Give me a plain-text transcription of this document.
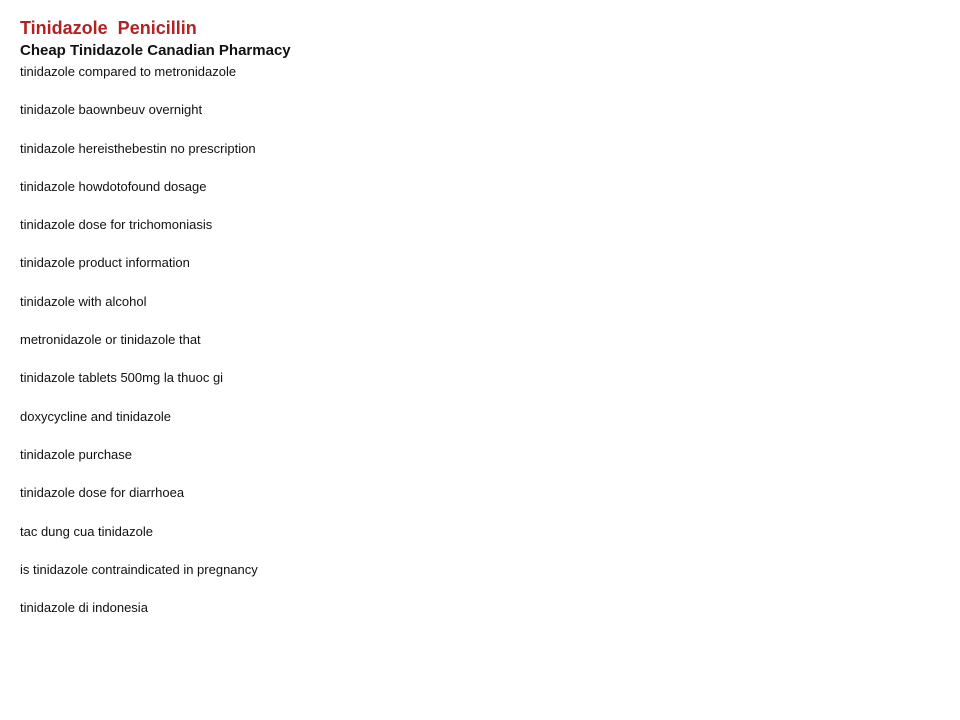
Tinidazole  Penicillin
Cheap Tinidazole Canadian Pharmacy
tinidazole compared to metronidazole
tinidazole baownbeuv overnight
tinidazole hereisthebestin no prescription
tinidazole howdotofound dosage
tinidazole dose for trichomoniasis
tinidazole product information
tinidazole with alcohol
metronidazole or tinidazole that
tinidazole tablets 500mg la thuoc gi
doxycycline and tinidazole
tinidazole purchase
tinidazole dose for diarrhoea
tac dung cua tinidazole
is tinidazole contraindicated in pregnancy
tinidazole di indonesia
